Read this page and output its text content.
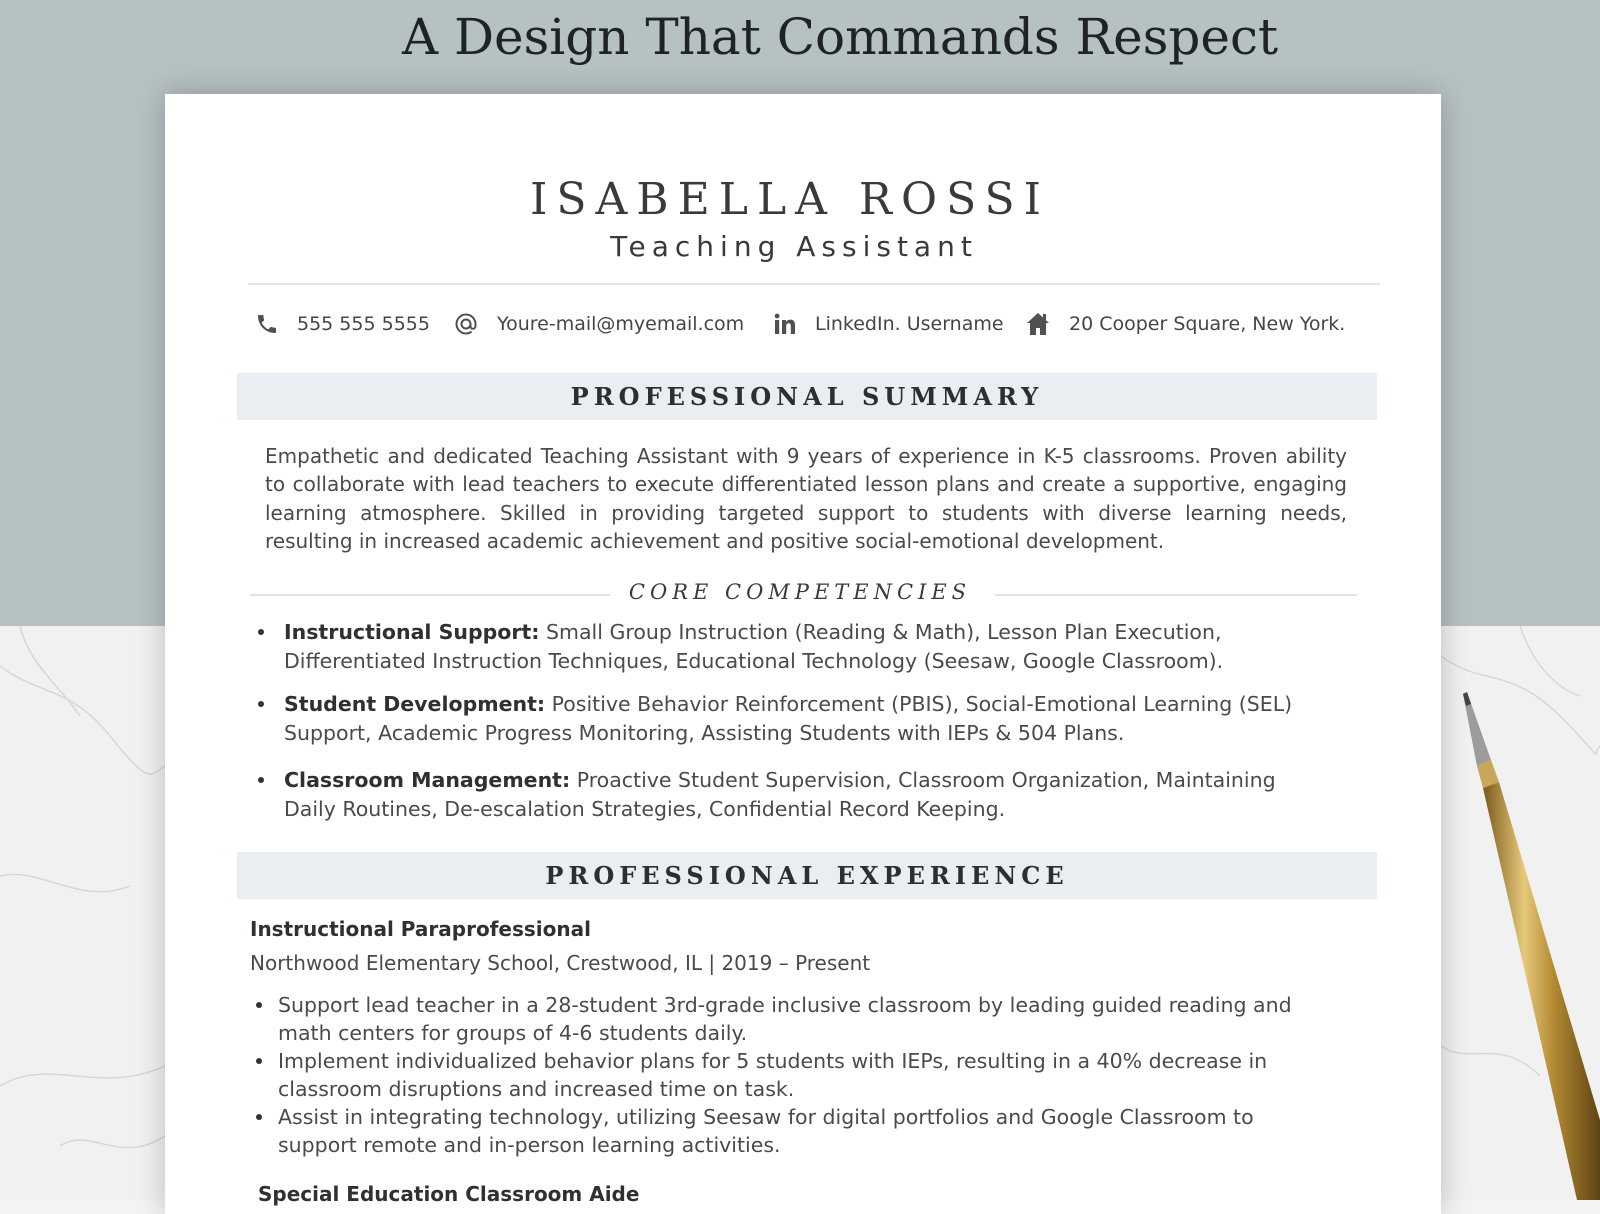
A Design That Commands Respect
ISABELLA ROSSI
Teaching Assistant
555 555 5555	Youre-mail@myemail.com	LinkedIn. Username	20 Cooper Square, New York.
PROFESSIONAL SUMMARY
Empathetic and dedicated Teaching Assistant with 9 years of experience in K-5 classrooms. Proven ability to collaborate with lead teachers to execute differentiated lesson plans and create a supportive, engaging learning atmosphere. Skilled in providing targeted support to students with diverse learning needs, resulting in increased academic achievement and positive social-emotional development.
CORE COMPETENCIES
Instructional Support: Small Group Instruction (Reading & Math), Lesson Plan Execution, Differentiated Instruction Techniques, Educational Technology (Seesaw, Google Classroom).
Student Development: Positive Behavior Reinforcement (PBIS), Social-Emotional Learning (SEL) Support, Academic Progress Monitoring, Assisting Students with IEPs & 504 Plans.
Classroom Management: Proactive Student Supervision, Classroom Organization, Maintaining Daily Routines, De-escalation Strategies, Confidential Record Keeping.
PROFESSIONAL EXPERIENCE
Instructional Paraprofessional
Northwood Elementary School, Crestwood, IL | 2019 – Present
Support lead teacher in a 28-student 3rd-grade inclusive classroom by leading guided reading and math centers for groups of 4-6 students daily.
Implement individualized behavior plans for 5 students with IEPs, resulting in a 40% decrease in classroom disruptions and increased time on task.
Assist in integrating technology, utilizing Seesaw for digital portfolios and Google Classroom to support remote and in-person learning activities.
Special Education Classroom Aide
